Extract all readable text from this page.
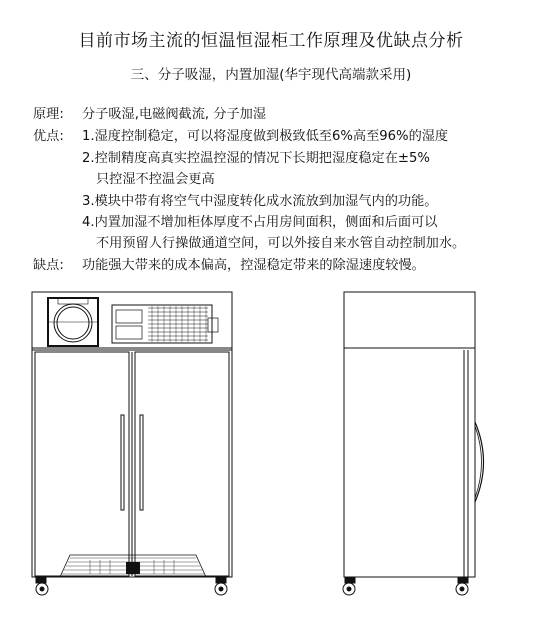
目前市场主流的恒温恒湿柜工作原理及优缺点分析
三、分子吸湿，内置加湿(华宇现代高端款采用)
原理: 分子吸湿,电磁阀截流, 分子加湿
优点: 1.湿度控制稳定，可以将湿度做到极致低至6%高至96%的湿度
2.控制精度高真实控温控湿的情况下长期把湿度稳定在±5%
只控湿不控温会更高
3.模块中带有将空气中湿度转化成水流放到加湿气内的功能。
4.内置加湿不增加柜体厚度不占用房间面积，侧面和后面可以
不用预留人行操做通道空间，可以外接自来水管自动控制加水。
缺点: 功能强大带来的成本偏高，控湿稳定带来的除湿速度较慢。
